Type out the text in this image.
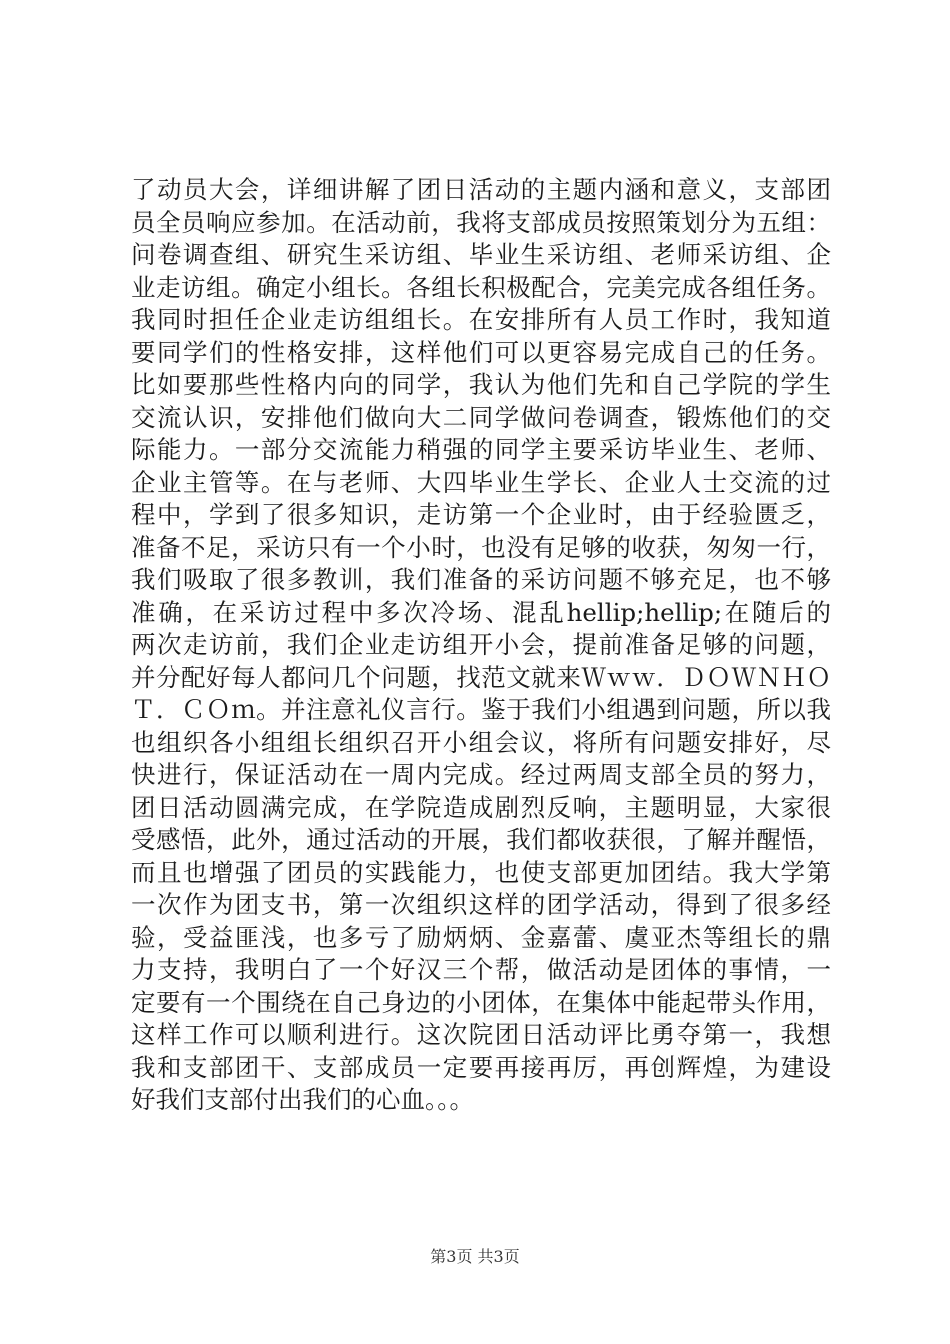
了动员大会，详细讲解了团日活动的主题内涵和意义，支部团
员全员响应参加。在活动前，我将支部成员按照策划分为五组：
问卷调查组、研究生采访组、毕业生采访组、老师采访组、企
业走访组。确定小组长。各组长积极配合，完美完成各组任务。
我同时担任企业走访组组长。在安排所有人员工作时，我知道
要同学们的性格安排，这样他们可以更容易完成自己的任务。
比如要那些性格内向的同学，我认为他们先和自己学院的学生
交流认识，安排他们做向大二同学做问卷调查，锻炼他们的交
际能力。一部分交流能力稍强的同学主要采访毕业生、老师、
企业主管等。在与老师、大四毕业生学长、企业人士交流的过
程中，学到了很多知识，走访第一个企业时，由于经验匮乏，
准备不足，采访只有一个小时，也没有足够的收获，匆匆一行，
我们吸取了很多教训，我们准备的采访问题不够充足，也不够
准确，在采访过程中多次冷场、混乱hellip;hellip;在随后的
两次走访前，我们企业走访组开小会，提前准备足够的问题，
并分配好每人都问几个问题，找范文就来Ｗｗｗ．ＤＯＷＮＨＯ
Ｔ．ＣＯｍ。并注意礼仪言行。鉴于我们小组遇到问题，所以我
也组织各小组组长组织召开小组会议，将所有问题安排好，尽
快进行，保证活动在一周内完成。经过两周支部全员的努力，
团日活动圆满完成，在学院造成剧烈反响，主题明显，大家很
受感悟，此外，通过活动的开展，我们都收获很，了解并醒悟，
而且也增强了团员的实践能力，也使支部更加团结。我大学第
一次作为团支书，第一次组织这样的团学活动，得到了很多经
验，受益匪浅，也多亏了励炳炳、金嘉蕾、虞亚杰等组长的鼎
力支持，我明白了一个好汉三个帮，做活动是团体的事情，一
定要有一个围绕在自己身边的小团体，在集体中能起带头作用，
这样工作可以顺利进行。这次院团日活动评比勇夺第一，我想
我和支部团干、支部成员一定要再接再厉，再创辉煌，为建设
好我们支部付出我们的心血。。。
第3页 共3页
